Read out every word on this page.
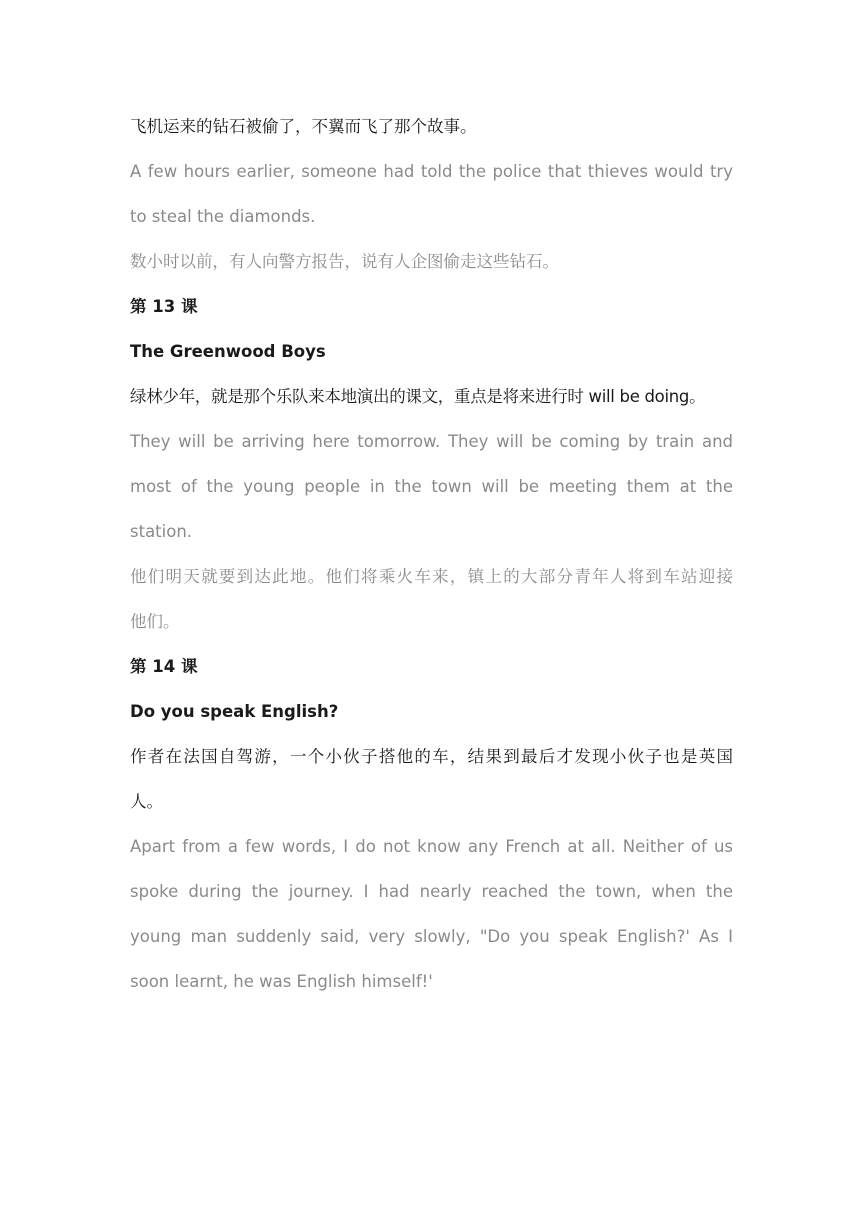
飞机运来的钻石被偷了，不翼而飞了那个故事。
A few hours earlier, someone had told the police that thieves would try
to steal the diamonds.
数小时以前，有人向警方报告，说有人企图偷走这些钻石。
第 13 课
The Greenwood Boys
绿林少年，就是那个乐队来本地演出的课文，重点是将来进行时 will be doing。
They will be arriving here tomorrow. They will be coming by train and
most of the young people in the town will be meeting them at the
station.
他们明天就要到达此地。他们将乘火车来，镇上的大部分青年人将到车站迎接
他们。
第 14 课
Do you speak English?
作者在法国自驾游，一个小伙子搭他的车，结果到最后才发现小伙子也是英国
人。
Apart from a few words, I do not know any French at all. Neither of us
spoke during the journey. I had nearly reached the town, when the
young man suddenly said, very slowly, "Do you speak English?' As I
soon learnt, he was English himself!'
